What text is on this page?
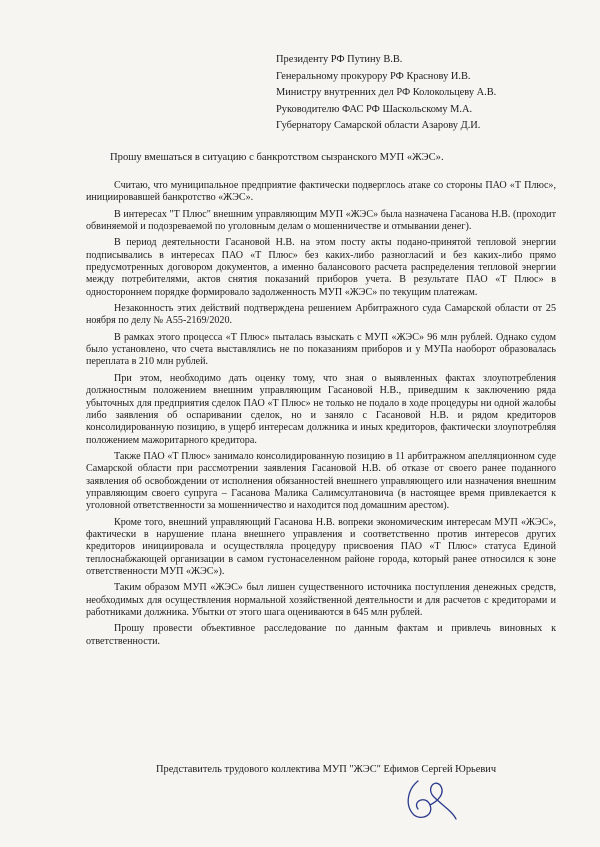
Президенту РФ Путину В.В.
Генеральному прокурору РФ Краснову И.В.
Министру внутренних дел РФ Колокольцеву А.В.
Руководителю ФАС РФ Шаскольскому М.А.
Губернатору Самарской области Азарову Д.И.
Прошу вмешаться в ситуацию с банкротством сызранского МУП «ЖЭС».

Считаю, что муниципальное предприятие фактически подверглось атаке со стороны ПАО «Т Плюс», инициировавшей банкротство «ЖЭС».

В интересах "Т Плюс" внешним управляющим МУП «ЖЭС» была назначена Гасанова Н.В. (проходит обвиняемой и подозреваемой по уголовным делам о мошенничестве и отмывании денег).

В период деятельности Гасановой Н.В. на этом посту акты подано-принятой тепловой энергии подписывались в интересах ПАО «Т Плюс» без каких-либо разногласий и без каких-либо прямо предусмотренных договором документов, а именно балансового расчета распределения тепловой энергии между потребителями, актов снятия показаний приборов учета. В результате ПАО «Т Плюс» в одностороннем порядке формировало задолженность МУП «ЖЭС» по текущим платежам.

Незаконность этих действий подтверждена решением Арбитражного суда Самарской области от 25 ноября по делу № А55-2169/2020.

В рамках этого процесса «Т Плюс» пыталась взыскать с МУП «ЖЭС» 96 млн рублей. Однако судом было установлено, что счета выставлялись не по показаниям приборов и у МУПа наоборот образовалась переплата в 210 млн рублей.

При этом, необходимо дать оценку тому, что зная о выявленных фактах злоупотребления должностным положением внешним управляющим Гасановой Н.В., приведшим к заключению ряда убыточных для предприятия сделок ПАО «Т Плюс» не только не подало в ходе процедуры ни одной жалобы либо заявления об оспаривании сделок, но и заняло с Гасановой Н.В. и рядом кредиторов консолидированную позицию, в ущерб интересам должника и иных кредиторов, фактически злоупотребляя положением мажоритарного кредитора.

Также ПАО «Т Плюс» занимало консолидированную позицию в 11 арбитражном апелляционном суде Самарской области при рассмотрении заявления Гасановой Н.В. об отказе от своего ранее поданного заявления об освобождении от исполнения обязанностей внешнего управляющего или назначения внешним управляющим своего супруга – Гасанова Малика Салимсултановича (в настоящее время привлекается к уголовной ответственности за мошенничество и находится под домашним арестом).

Кроме того, внешний управляющий Гасанова Н.В. вопреки экономическим интересам МУП «ЖЭС», фактически в нарушение плана внешнего управления и соответственно против интересов других кредиторов инициировала и осуществляла процедуру присвоения ПАО «Т Плюс» статуса Единой теплоснабжающей организации в самом густонаселенном районе города, который ранее относился к зоне ответственности МУП «ЖЭС»).

Таким образом МУП «ЖЭС» был лишен существенного источника поступления денежных средств, необходимых для осуществления нормальной хозяйственной деятельности и для расчетов с кредиторами и работниками должника. Убытки от этого шага оцениваются в 645 млн рублей.

Прошу провести объективное расследование по данным фактам и привлечь виновных к ответственности.

Представитель трудового коллектива МУП "ЖЭС" Ефимов Сергей Юрьевич
